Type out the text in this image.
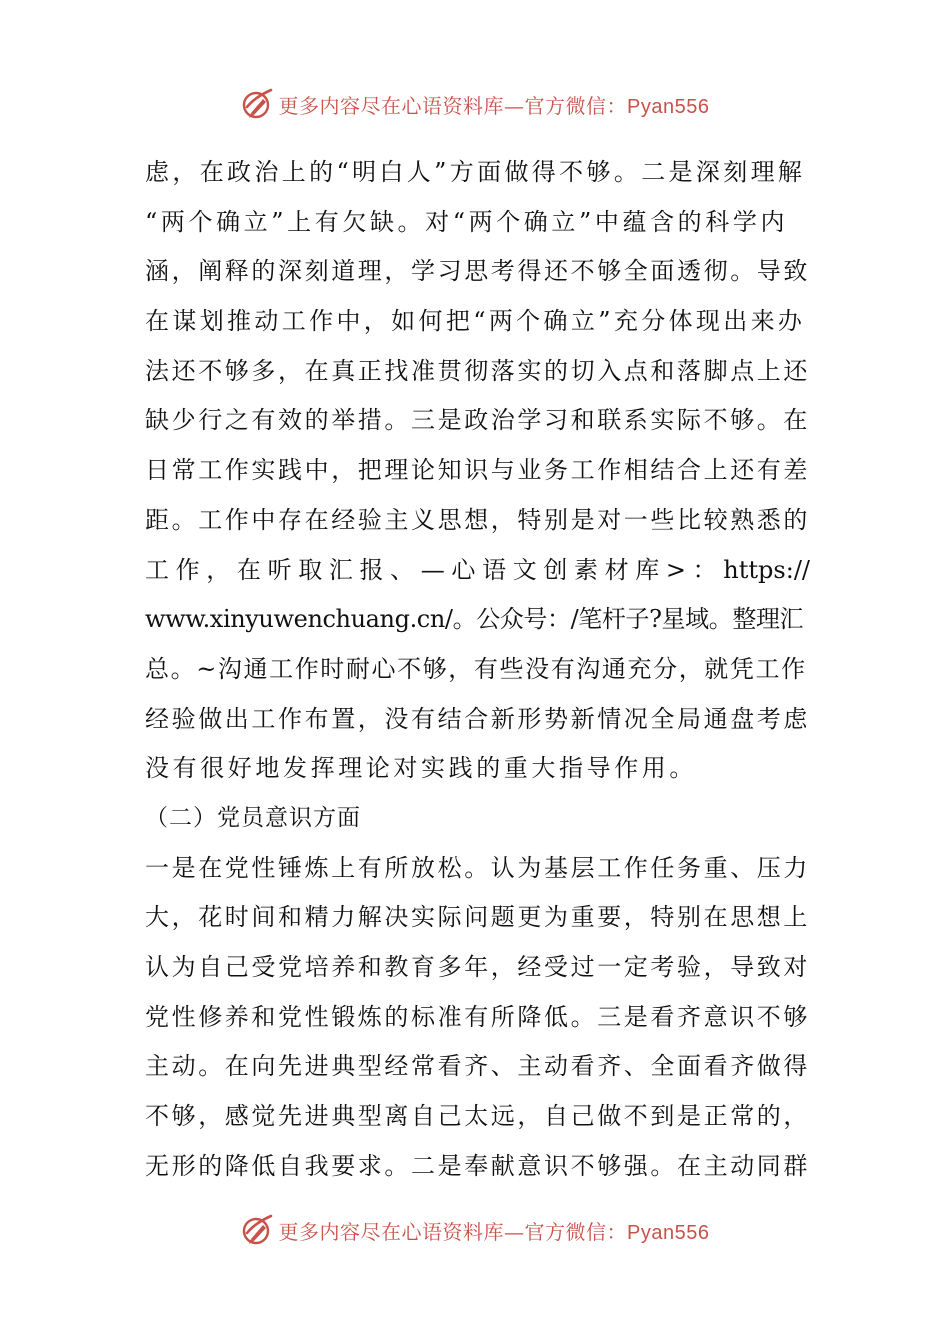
更多内容尽在心语资料库—官方微信：Pyan556
虑，在政治上的“明白人”方面做得不够。二是深刻理解
“两个确立”上有欠缺。对“两个确立”中蕴含的科学内
涵，阐释的深刻道理，学习思考得还不够全面透彻。导致
在谋划推动工作中，如何把“两个确立”充分体现出来办
法还不够多，在真正找准贯彻落实的切入点和落脚点上还
缺少行之有效的举措。三是政治学习和联系实际不够。在
日常工作实践中，把理论知识与业务工作相结合上还有差
距。工作中存在经验主义思想，特别是对一些比较熟悉的
工作，在听取汇报、—心语文创素材库>：https://
www.xinyuwenchuang.cn/。公众号：/笔杆子?星域。整理汇
总。~沟通工作时耐心不够，有些没有沟通充分，就凭工作
经验做出工作布置，没有结合新形势新情况全局通盘考虑
没有很好地发挥理论对实践的重大指导作用。
（二）党员意识方面
一是在党性锤炼上有所放松。认为基层工作任务重、压力
大，花时间和精力解决实际问题更为重要，特别在思想上
认为自己受党培养和教育多年，经受过一定考验，导致对
党性修养和党性锻炼的标准有所降低。三是看齐意识不够
主动。在向先进典型经常看齐、主动看齐、全面看齐做得
不够，感觉先进典型离自己太远，自己做不到是正常的，
无形的降低自我要求。二是奉献意识不够强。在主动同群
更多内容尽在心语资料库—官方微信：Pyan556
